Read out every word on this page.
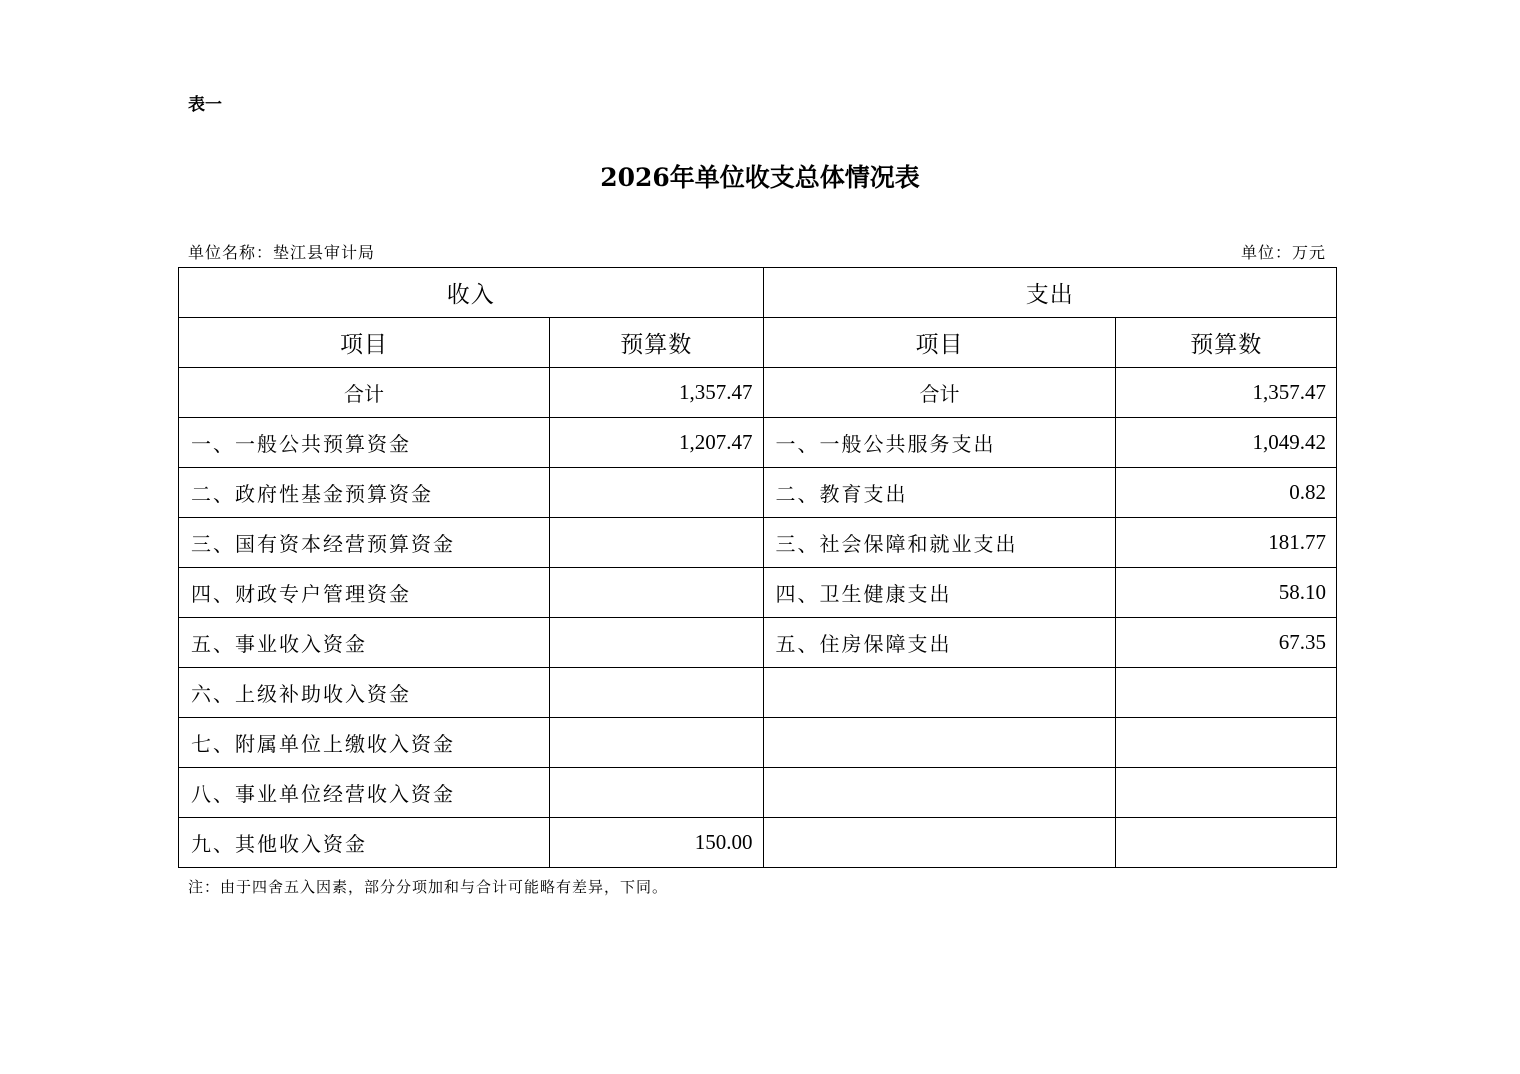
表一
2026年单位收支总体情况表
单位名称：垫江县审计局	单位：万元
收入		支出	
项目	预算数	项目	预算数
合计	1,357.47	合计	1,357.47
一、一般公共预算资金	1,207.47	一、一般公共服务支出	1,049.42
二、政府性基金预算资金		二、教育支出	0.82
三、国有资本经营预算资金		三、社会保障和就业支出	181.77
四、财政专户管理资金		四、卫生健康支出	58.10
五、事业收入资金		五、住房保障支出	67.35
六、上级补助收入资金			
七、附属单位上缴收入资金			
八、事业单位经营收入资金			
九、其他收入资金	150.00		
注：由于四舍五入因素，部分分项加和与合计可能略有差异，下同。
